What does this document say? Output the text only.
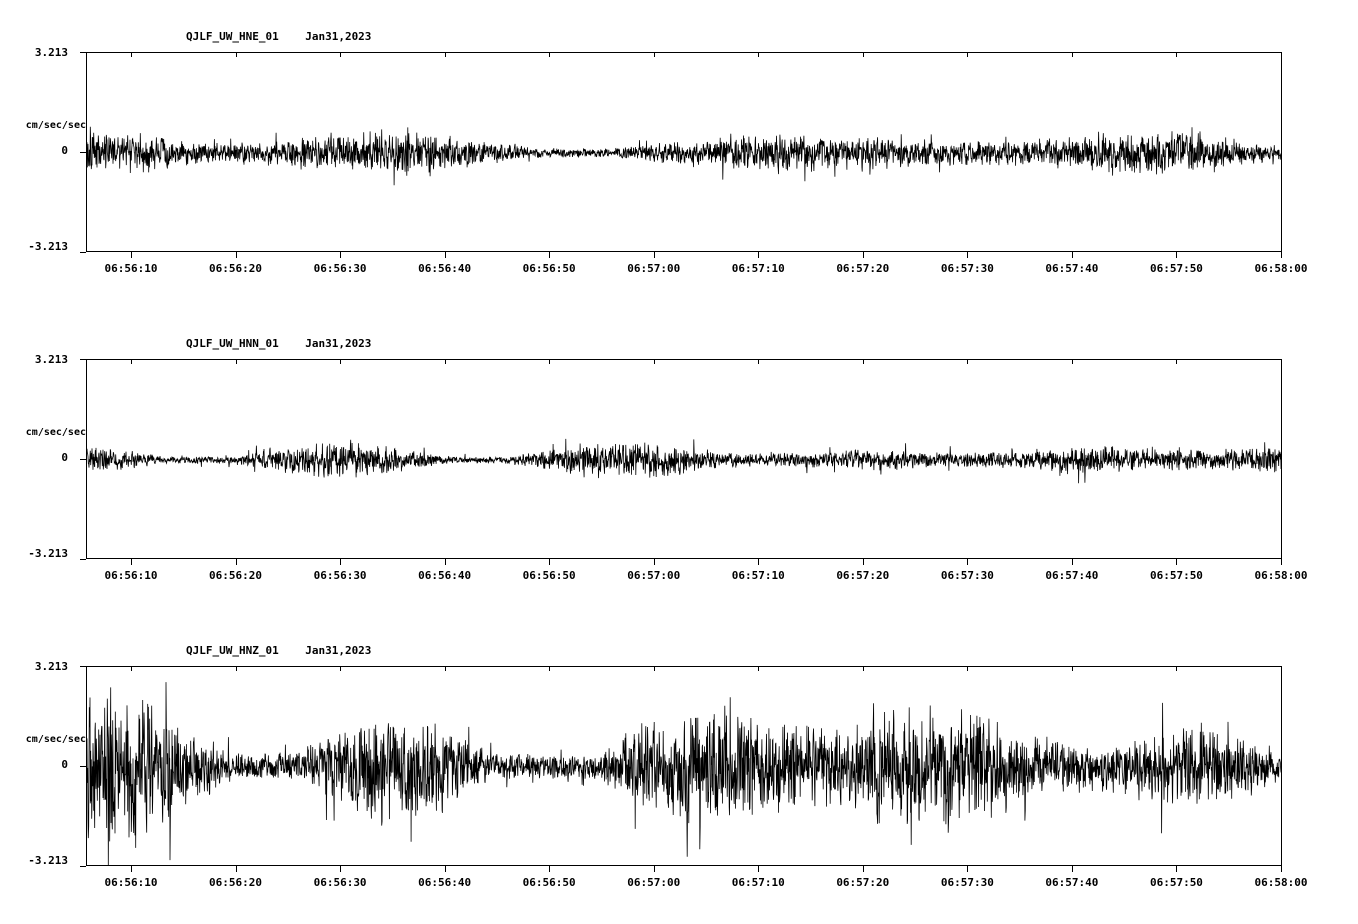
QJLF_UW_HNE_01    Jan31,2023
cm/sec/sec
3.213
0
-3.213
06:56:10	06:56:20	06:56:30	06:56:40	06:56:50	06:57:00	06:57:10	06:57:20	06:57:30	06:57:40	06:57:50	06:58:00
QJLF_UW_HNN_01    Jan31,2023
cm/sec/sec
3.213
0
-3.213
06:56:10	06:56:20	06:56:30	06:56:40	06:56:50	06:57:00	06:57:10	06:57:20	06:57:30	06:57:40	06:57:50	06:58:00
QJLF_UW_HNZ_01    Jan31,2023
cm/sec/sec
3.213
0
-3.213
06:56:10	06:56:20	06:56:30	06:56:40	06:56:50	06:57:00	06:57:10	06:57:20	06:57:30	06:57:40	06:57:50	06:58:00
